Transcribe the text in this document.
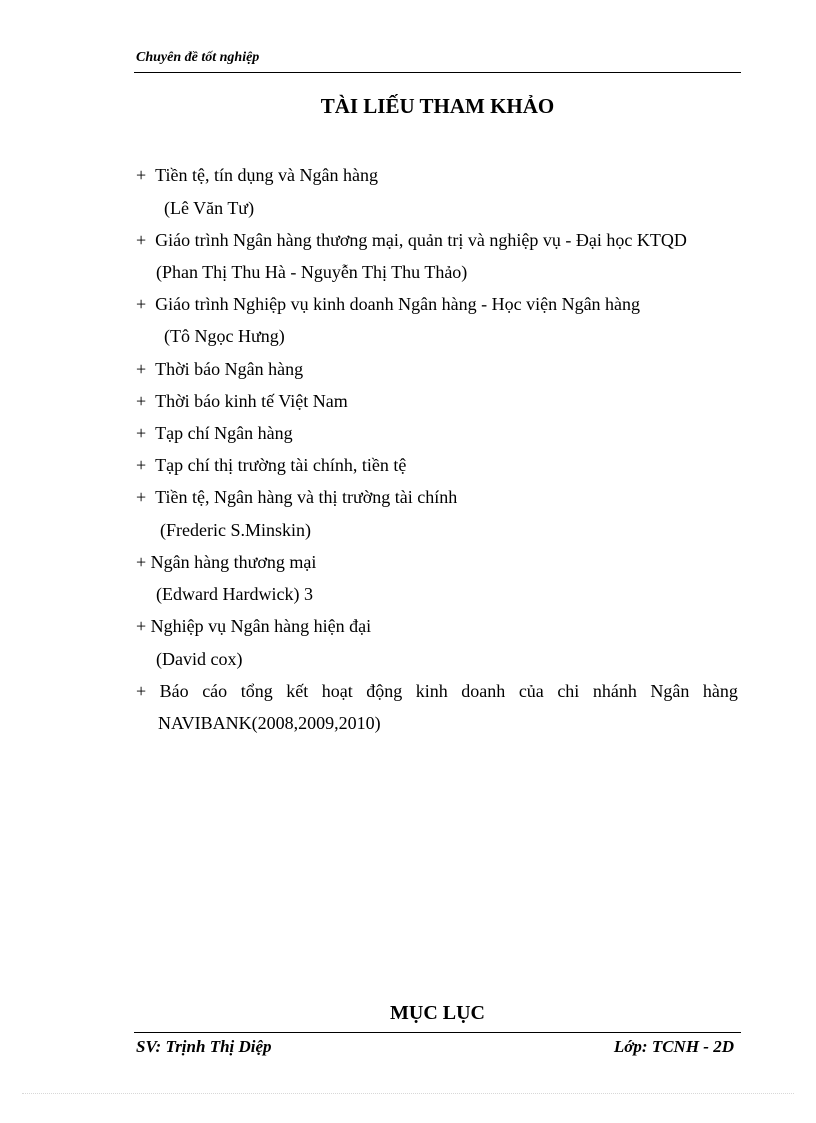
Chuyên đề tốt nghiệp
TÀI LIẾU THAM KHẢO
+ Tiền tệ, tín dụng và Ngân hàng
(Lê Văn Tư)
+ Giáo trình Ngân hàng thương mại, quản trị và nghiệp vụ - Đại học KTQD
(Phan Thị Thu Hà - Nguyễn Thị Thu Thảo)
+ Giáo trình Nghiệp vụ kinh doanh Ngân hàng - Học viện Ngân hàng
(Tô Ngọc Hưng)
+ Thời báo Ngân hàng
+ Thời báo kinh tế Việt Nam
+ Tạp chí Ngân hàng
+ Tạp chí thị trường tài chính, tiền tệ
+ Tiền tệ, Ngân hàng và thị trường tài chính
(Frederic S.Minskin)
+ Ngân hàng thương mại
(Edward Hardwick) 3
+ Nghiệp vụ Ngân hàng hiện đại
(David cox)
+ Báo cáo tổng kết hoạt động kinh doanh của chi nhánh Ngân hàng
NAVIBANK(2008,2009,2010)
MỤC LỤC
SV: Trịnh Thị Diệp	Lớp: TCNH - 2D
